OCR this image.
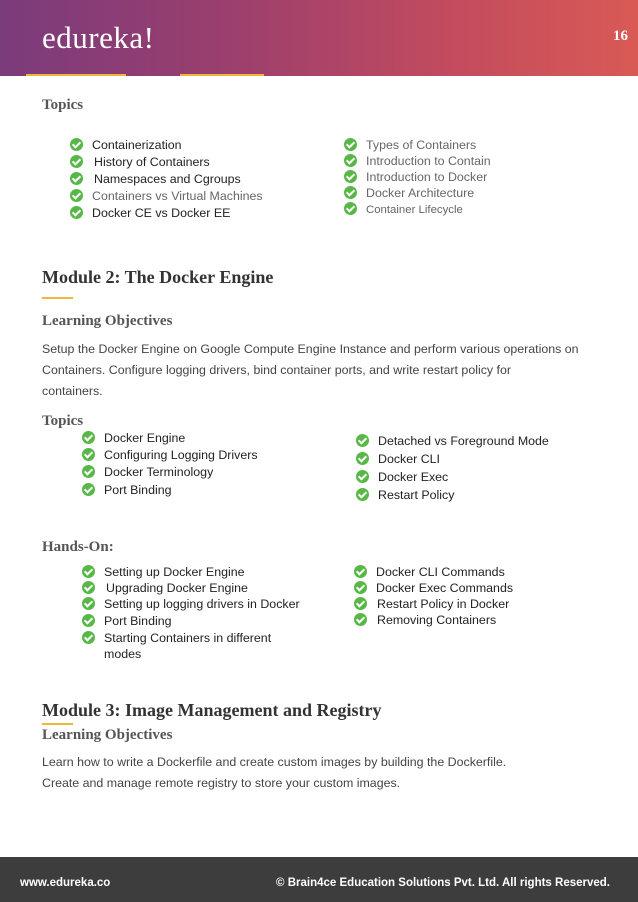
edureka!	16
Topics
Containerization
History of Containers
Namespaces and Cgroups
Containers vs Virtual Machines
Docker CE vs Docker EE
Types of Containers
Introduction to Contain
Introduction to Docker
Docker Architecture
Container Lifecycle
Module 2: The Docker Engine
Learning Objectives
Setup the Docker Engine on Google Compute Engine Instance and perform various operations on
Containers. Configure logging drivers, bind container ports, and write restart policy for
containers.
Topics
Docker Engine
Configuring Logging Drivers
Docker Terminology
Port Binding
Detached vs Foreground Mode
Docker CLI
Docker Exec
Restart Policy
Hands-On:
Setting up Docker Engine
Upgrading Docker Engine
Setting up logging drivers in Docker
Port Binding
Starting Containers in different
modes
Docker CLI Commands
Docker Exec Commands
Restart Policy in Docker
Removing Containers
Module 3: Image Management and Registry
Learning Objectives
Learn how to write a Dockerfile and create custom images by building the Dockerfile.
Create and manage remote registry to store your custom images.
www.edureka.co	© Brain4ce Education Solutions Pvt. Ltd. All rights Reserved.
